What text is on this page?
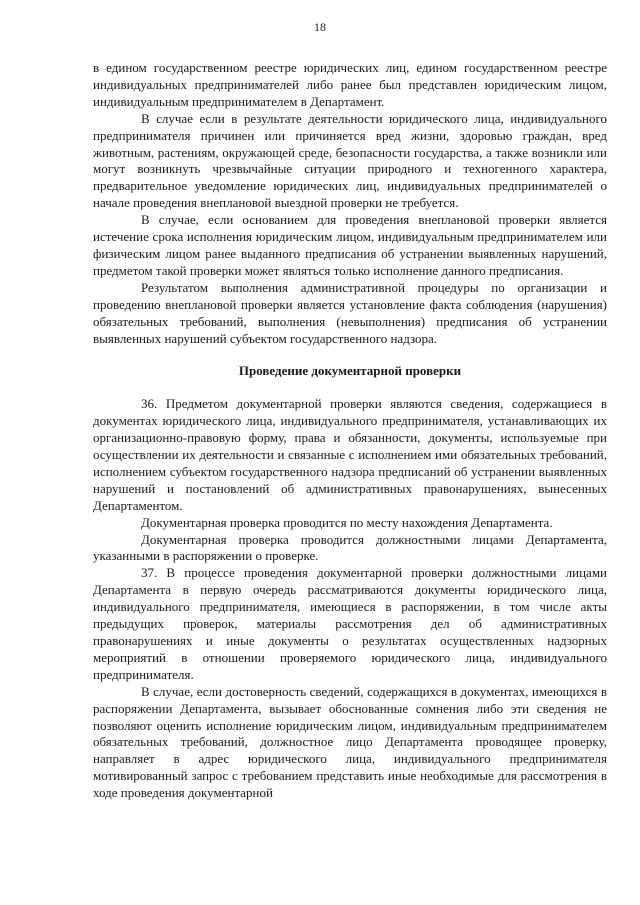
18

в едином государственном реестре юридических лиц, едином государственном реестре индивидуальных предпринимателей либо ранее был представлен юридическим лицом, индивидуальным предпринимателем в Департамент.

В случае если в результате деятельности юридического лица, индивидуального предпринимателя причинен или причиняется вред жизни, здоровью граждан, вред животным, растениям, окружающей среде, безопасности государства, а также возникли или могут возникнуть чрезвычайные ситуации природного и техногенного характера, предварительное уведомление юридических лиц, индивидуальных предпринимателей о начале проведения внеплановой выездной проверки не требуется.

В случае, если основанием для проведения внеплановой проверки является истечение срока исполнения юридическим лицом, индивидуальным предпринимателем или физическим лицом ранее выданного предписания об устранении выявленных нарушений, предметом такой проверки может являться только исполнение данного предписания.

Результатом выполнения административной процедуры по организации и проведению внеплановой проверки является установление факта соблюдения (нарушения) обязательных требований, выполнения (невыполнения) предписания об устранении выявленных нарушений субъектом государственного надзора.

Проведение документарной проверки

36. Предметом документарной проверки являются сведения, содержащиеся в документах юридического лица, индивидуального предпринимателя, устанавливающих их организационно-правовую форму, права и обязанности, документы, используемые при осуществлении их деятельности и связанные с исполнением ими обязательных требований, исполнением субъектом государственного надзора предписаний об устранении выявленных нарушений и постановлений об административных правонарушениях, вынесенных Департаментом.

Документарная проверка проводится по месту нахождения Департамента.

Документарная проверка проводится должностными лицами Департамента, указанными в распоряжении о проверке.

37. В процессе проведения документарной проверки должностными лицами Департамента в первую очередь рассматриваются документы юридического лица, индивидуального предпринимателя, имеющиеся в распоряжении, в том числе акты предыдущих проверок, материалы рассмотрения дел об административных правонарушениях и иные документы о результатах осуществленных надзорных мероприятий в отношении проверяемого юридического лица, индивидуального предпринимателя.

В случае, если достоверность сведений, содержащихся в документах, имеющихся в распоряжении Департамента, вызывает обоснованные сомнения либо эти сведения не позволяют оценить исполнение юридическим лицом, индивидуальным предпринимателем обязательных требований, должностное лицо Департамента проводящее проверку, направляет в адрес юридического лица, индивидуального предпринимателя мотивированный запрос с требованием представить иные необходимые для рассмотрения в ходе проведения документарной
